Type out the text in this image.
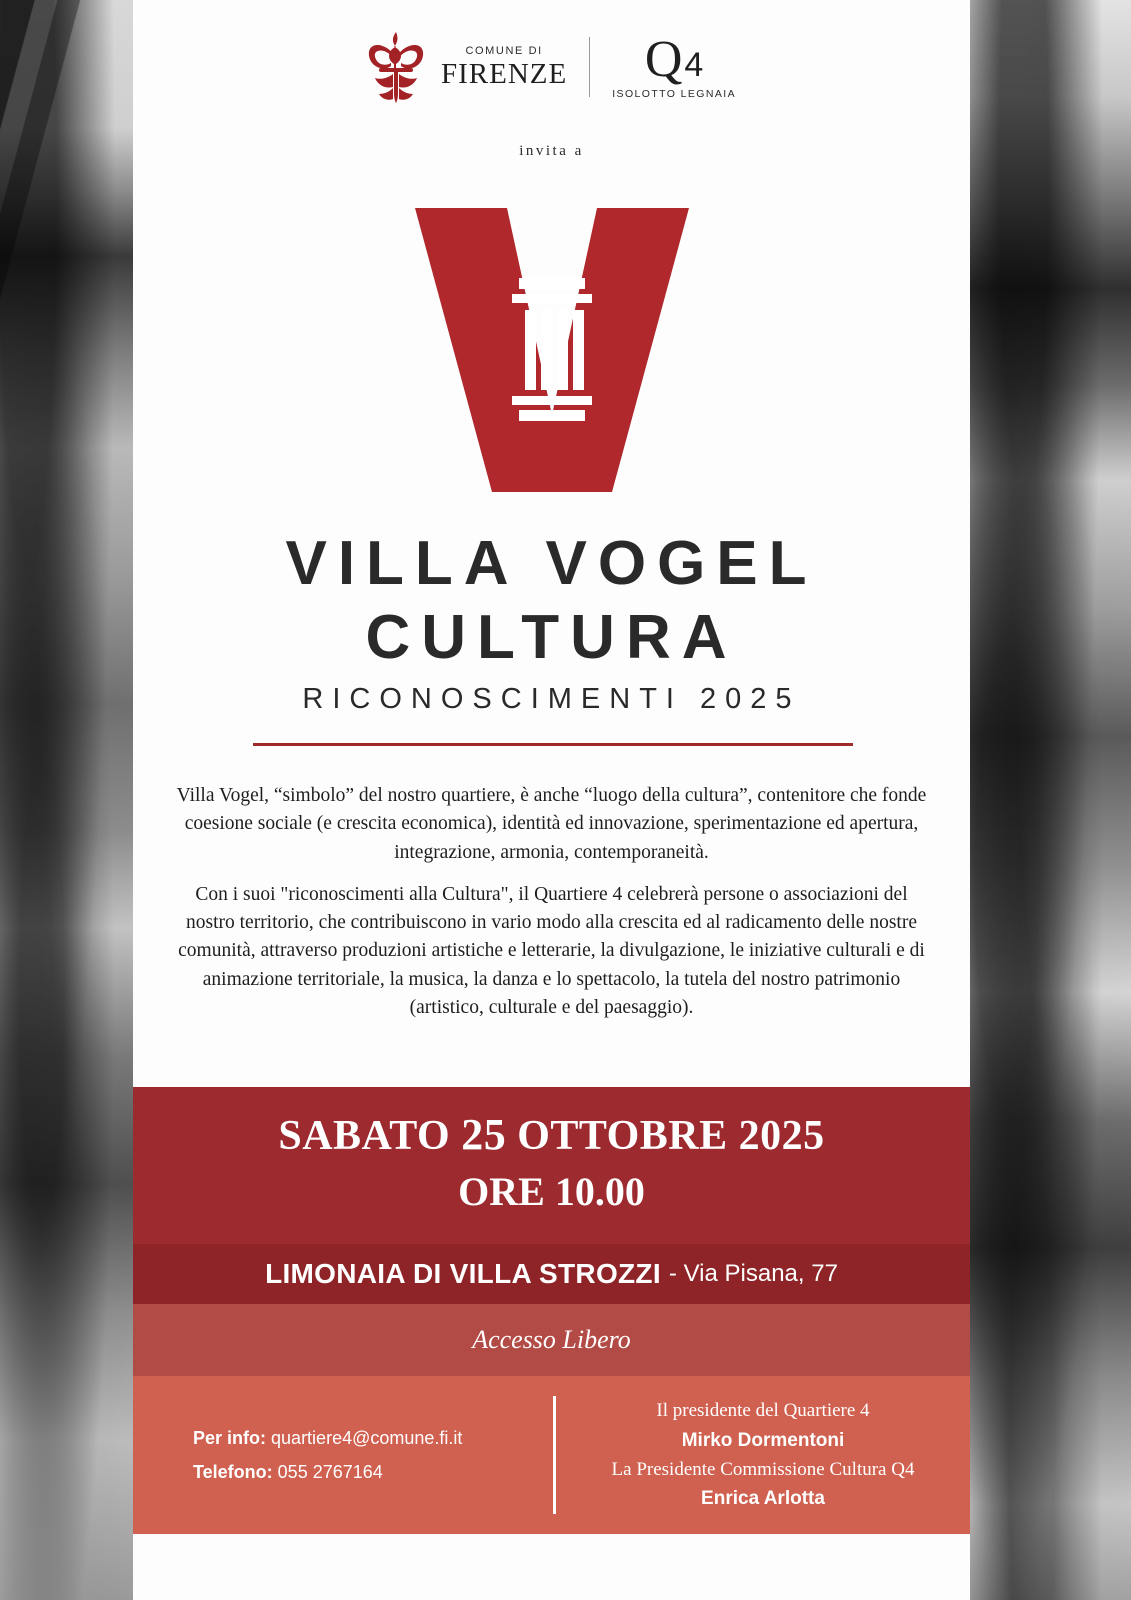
COMUNE DI
FIRENZE Q 4
ISOLOTTO LEGNAIA
invita a
VILLA VOGEL
CULTURA
RICONOSCIMENTI 2025

Villa Vogel, “simbolo” del nostro quartiere, è anche “luogo della cultura”, contenitore che fonde coesione sociale (e crescita economica), identità ed innovazione, sperimentazione ed apertura, integrazione, armonia, contemporaneità.

Con i suoi "riconoscimenti alla Cultura", il Quartiere 4 celebrerà persone o associazioni del nostro territorio, che contribuiscono in vario modo alla crescita ed al radicamento delle nostre comunità, attraverso produzioni artistiche e letterarie, la divulgazione, le iniziative culturali e di animazione territoriale, la musica, la danza e lo spettacolo, la tutela del nostro patrimonio (artistico, culturale e del paesaggio).

SABATO 25 OTTOBRE 2025
ORE 10.00
LIMONAIA DI VILLA STROZZI - Via Pisana, 77
Accesso Libero
Per info: quartiere4@comune.fi.it
Telefono: 055 2767164
Il presidente del Quartiere 4
Mirko Dormentoni
La Presidente Commissione Cultura Q4
Enrica Arlotta
